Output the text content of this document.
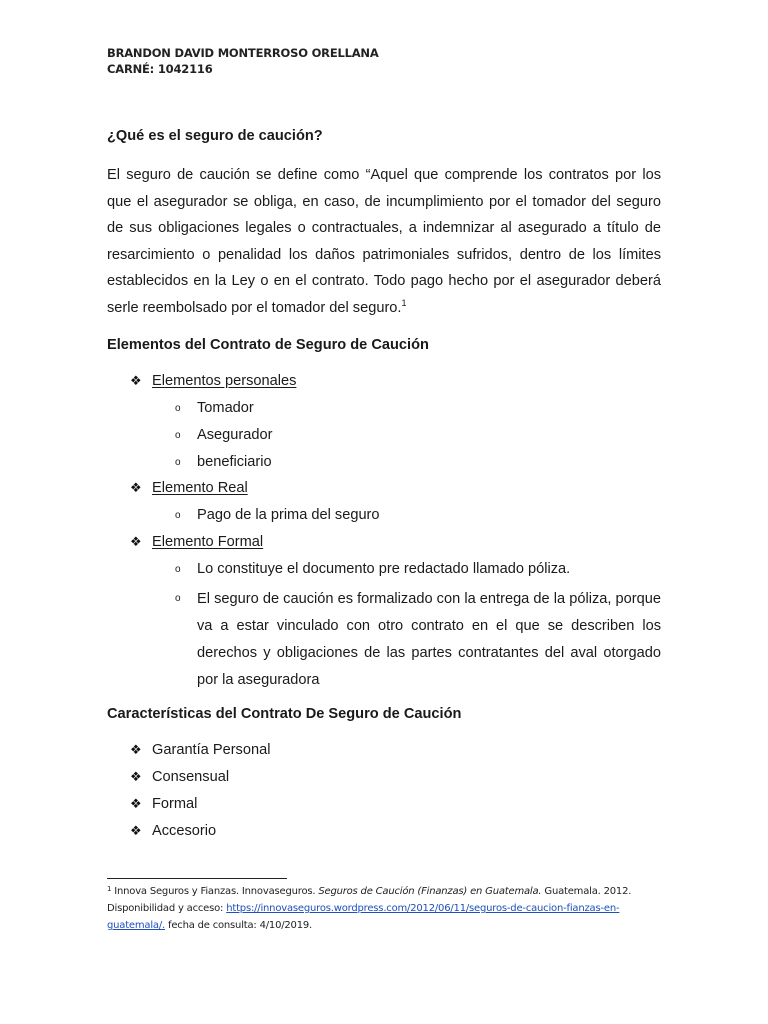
BRANDON DAVID MONTERROSO ORELLANA
CARNÉ: 1042116
¿Qué es el seguro de caución?
El seguro de caución se define como “Aquel que comprende los contratos por los que el asegurador se obliga, en caso, de incumplimiento por el tomador del seguro de sus obligaciones legales o contractuales, a indemnizar al asegurado a título de resarcimiento o penalidad los daños patrimoniales sufridos, dentro de los límites establecidos en la Ley o en el contrato. Todo pago hecho por el asegurador deberá serle reembolsado por el tomador del seguro.$^1$
Elementos del Contrato de Seguro de Caución
❖ Elementos personales
o Tomador
o Asegurador
o beneficiario
❖ Elemento Real
o Pago de la prima del seguro
❖ Elemento Formal
o Lo constituye el documento pre redactado llamado póliza.
o El seguro de caución es formalizado con la entrega de la póliza, porque va a estar vinculado con otro contrato en el que se describen los derechos y obligaciones de las partes contratantes del aval otorgado por la aseguradora
Características del Contrato De Seguro de Caución
❖ Garantía Personal
❖ Consensual
❖ Formal
❖ Accesorio
$^1$ Innova Seguros y Fianzas. Innovaseguros. Seguros de Caución (Finanzas) en Guatemala. Guatemala. 2012.
Disponibilidad y acceso: https://innovaseguros.wordpress.com/2012/06/11/seguros-de-caucion-fianzas-en-guatemala/. fecha de consulta: 4/10/2019.
